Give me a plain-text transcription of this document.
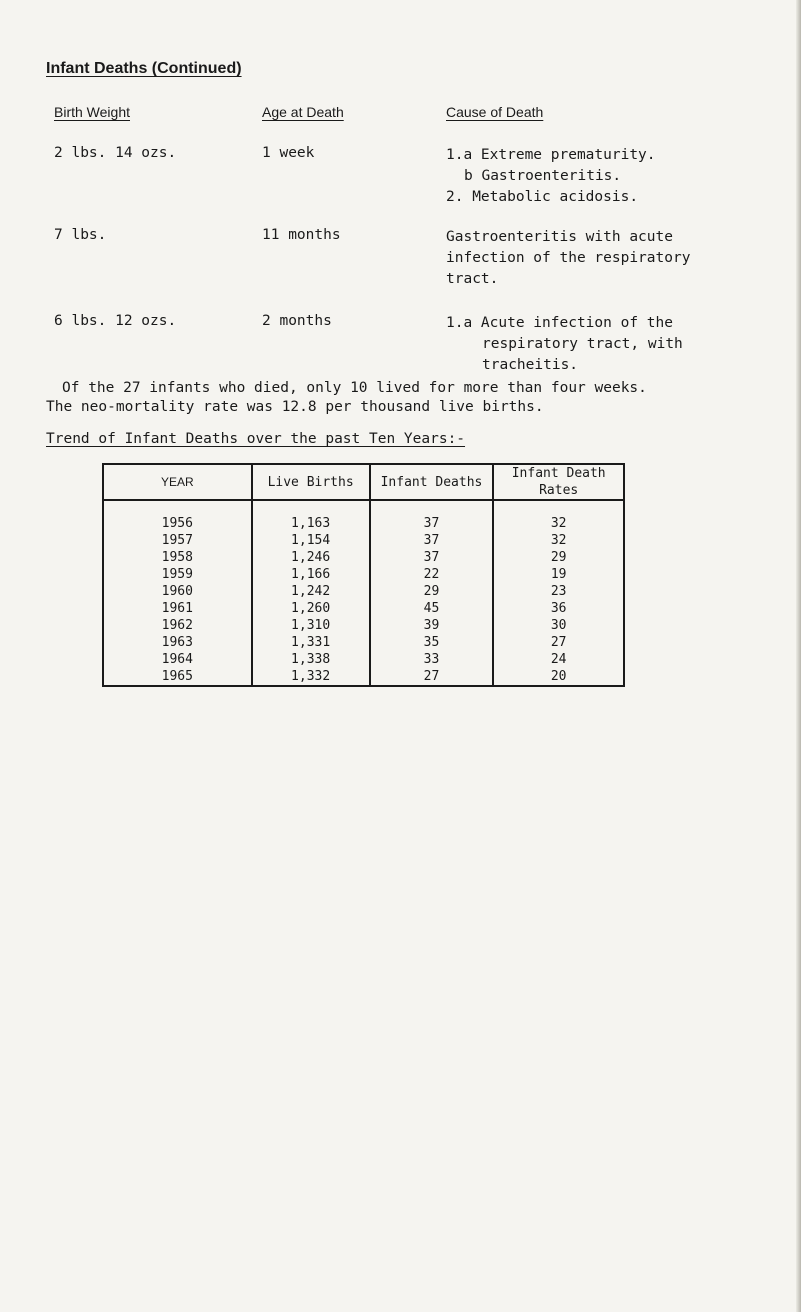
Infant Deaths (Continued)
Birth Weight	Age at Death	Cause of Death
2 lbs. 14 ozs.	1 week	1.a Extreme prematurity.
b Gastroenteritis.
2. Metabolic acidosis.
7 lbs.	11 months	Gastroenteritis with acute
infection of the respiratory
tract.
6 lbs. 12 ozs.	2 months	1.a Acute infection of the
respiratory tract, with
tracheitis.
Of the 27 infants who died, only 10 lived for more than four weeks.
The neo-mortality rate was 12.8 per thousand live births.
Trend of Infant Deaths over the past Ten Years:-
YEAR	Live Births	Infant Deaths	Infant Death Rates
1956	1,163	37	32
1957	1,154	37	32
1958	1,246	37	29
1959	1,166	22	19
1960	1,242	29	23
1961	1,260	45	36
1962	1,310	39	30
1963	1,331	35	27
1964	1,338	33	24
1965	1,332	27	20
